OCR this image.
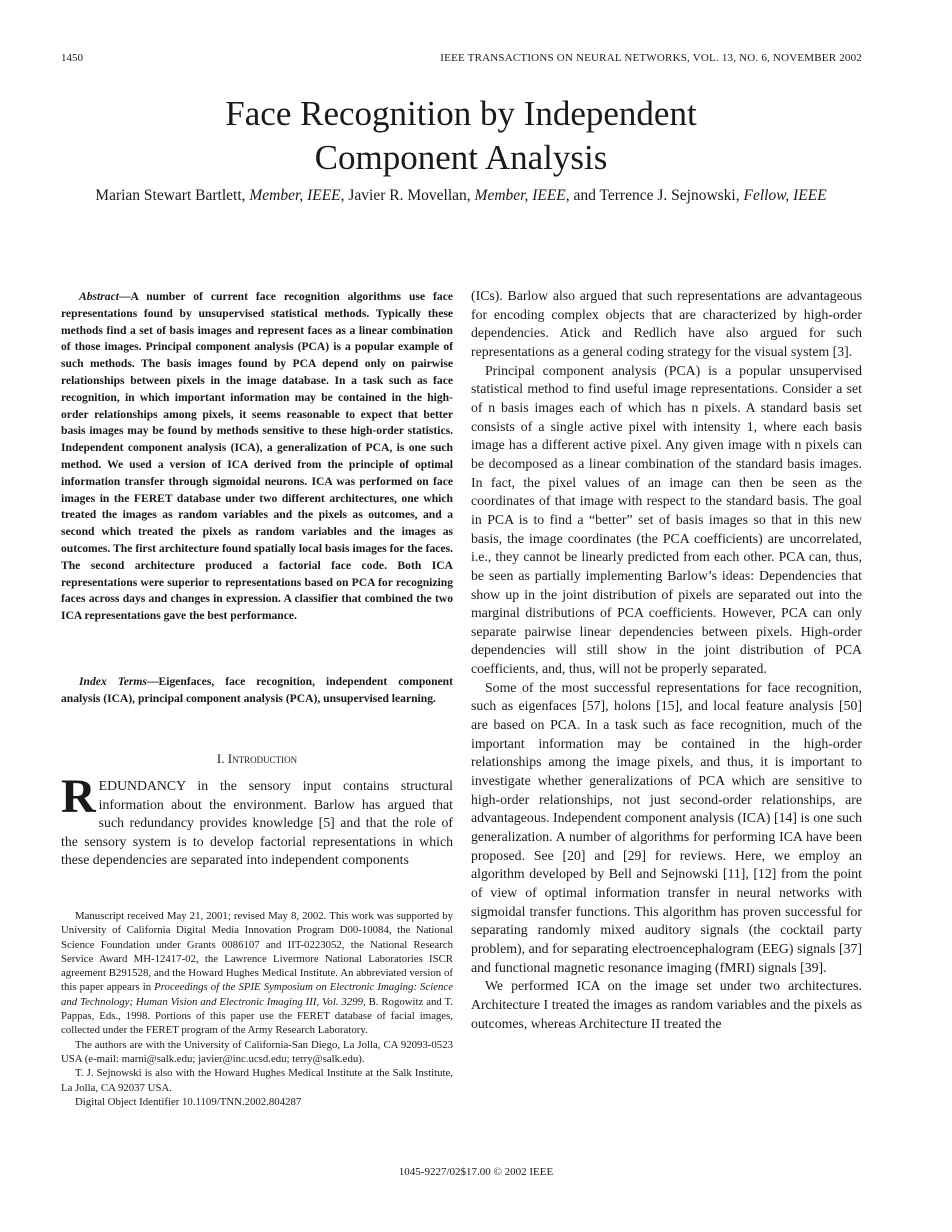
1450	IEEE TRANSACTIONS ON NEURAL NETWORKS, VOL. 13, NO. 6, NOVEMBER 2002
Face Recognition by Independent
Component Analysis
Marian Stewart Bartlett, Member, IEEE, Javier R. Movellan, Member, IEEE, and Terrence J. Sejnowski, Fellow, IEEE
Abstract—A number of current face recognition algorithms use face representations found by unsupervised statistical methods. Typically these methods find a set of basis images and represent faces as a linear combination of those images. Principal component analysis (PCA) is a popular example of such methods. The basis images found by PCA depend only on pairwise relationships between pixels in the image database. In a task such as face recognition, in which important information may be contained in the high-order relationships among pixels, it seems reasonable to expect that better basis images may be found by methods sensitive to these high-order statistics. Independent component analysis (ICA), a generalization of PCA, is one such method. We used a version of ICA derived from the principle of optimal information transfer through sigmoidal neurons. ICA was performed on face images in the FERET database under two different architectures, one which treated the images as random variables and the pixels as outcomes, and a second which treated the pixels as random variables and the images as outcomes. The first architecture found spatially local basis images for the faces. The second architecture produced a factorial face code. Both ICA representations were superior to representations based on PCA for recognizing faces across days and changes in expression. A classifier that combined the two ICA representations gave the best performance.
Index Terms—Eigenfaces, face recognition, independent component analysis (ICA), principal component analysis (PCA), unsupervised learning.
I. Introduction
REDUNDANCY in the sensory input contains structural information about the environment. Barlow has argued that such redundancy provides knowledge [5] and that the role of the sensory system is to develop factorial representations in which these dependencies are separated into independent components

Manuscript received May 21, 2001; revised May 8, 2002. This work was supported by University of California Digital Media Innovation Program D00-10084, the National Science Foundation under Grants 0086107 and IIT-0223052, the National Research Service Award MH-12417-02, the Lawrence Livermore National Laboratories ISCR agreement B291528, and the Howard Hughes Medical Institute. An abbreviated version of this paper appears in Proceedings of the SPIE Symposium on Electronic Imaging: Science and Technology; Human Vision and Electronic Imaging III, Vol. 3299, B. Rogowitz and T. Pappas, Eds., 1998. Portions of this paper use the FERET database of facial images, collected under the FERET program of the Army Research Laboratory.

The authors are with the University of California-San Diego, La Jolla, CA 92093-0523 USA (e-mail: marni@salk.edu; javier@inc.ucsd.edu; terry@salk.edu).

T. J. Sejnowski is also with the Howard Hughes Medical Institute at the Salk Institute, La Jolla, CA 92037 USA.

Digital Object Identifier 10.1109/TNN.2002.804287

(ICs). Barlow also argued that such representations are advantageous for encoding complex objects that are characterized by high-order dependencies. Atick and Redlich have also argued for such representations as a general coding strategy for the visual system [3].

Principal component analysis (PCA) is a popular unsupervised statistical method to find useful image representations. Consider a set of n basis images each of which has n pixels. A standard basis set consists of a single active pixel with intensity 1, where each basis image has a different active pixel. Any given image with n pixels can be decomposed as a linear combination of the standard basis images. In fact, the pixel values of an image can then be seen as the coordinates of that image with respect to the standard basis. The goal in PCA is to find a “better” set of basis images so that in this new basis, the image coordinates (the PCA coefficients) are uncorrelated, i.e., they cannot be linearly predicted from each other. PCA can, thus, be seen as partially implementing Barlow’s ideas: Dependencies that show up in the joint distribution of pixels are separated out into the marginal distributions of PCA coefficients. However, PCA can only separate pairwise linear dependencies between pixels. High-order dependencies will still show in the joint distribution of PCA coefficients, and, thus, will not be properly separated.

Some of the most successful representations for face recognition, such as eigenfaces [57], holons [15], and local feature analysis [50] are based on PCA. In a task such as face recognition, much of the important information may be contained in the high-order relationships among the image pixels, and thus, it is important to investigate whether generalizations of PCA which are sensitive to high-order relationships, not just second-order relationships, are advantageous. Independent component analysis (ICA) [14] is one such generalization. A number of algorithms for performing ICA have been proposed. See [20] and [29] for reviews. Here, we employ an algorithm developed by Bell and Sejnowski [11], [12] from the point of view of optimal information transfer in neural networks with sigmoidal transfer functions. This algorithm has proven successful for separating randomly mixed auditory signals (the cocktail party problem), and for separating electroencephalogram (EEG) signals [37] and functional magnetic resonance imaging (fMRI) signals [39].

We performed ICA on the image set under two architectures. Architecture I treated the images as random variables and the pixels as outcomes, whereas Architecture II treated the

1045-9227/02$17.00 © 2002 IEEE
